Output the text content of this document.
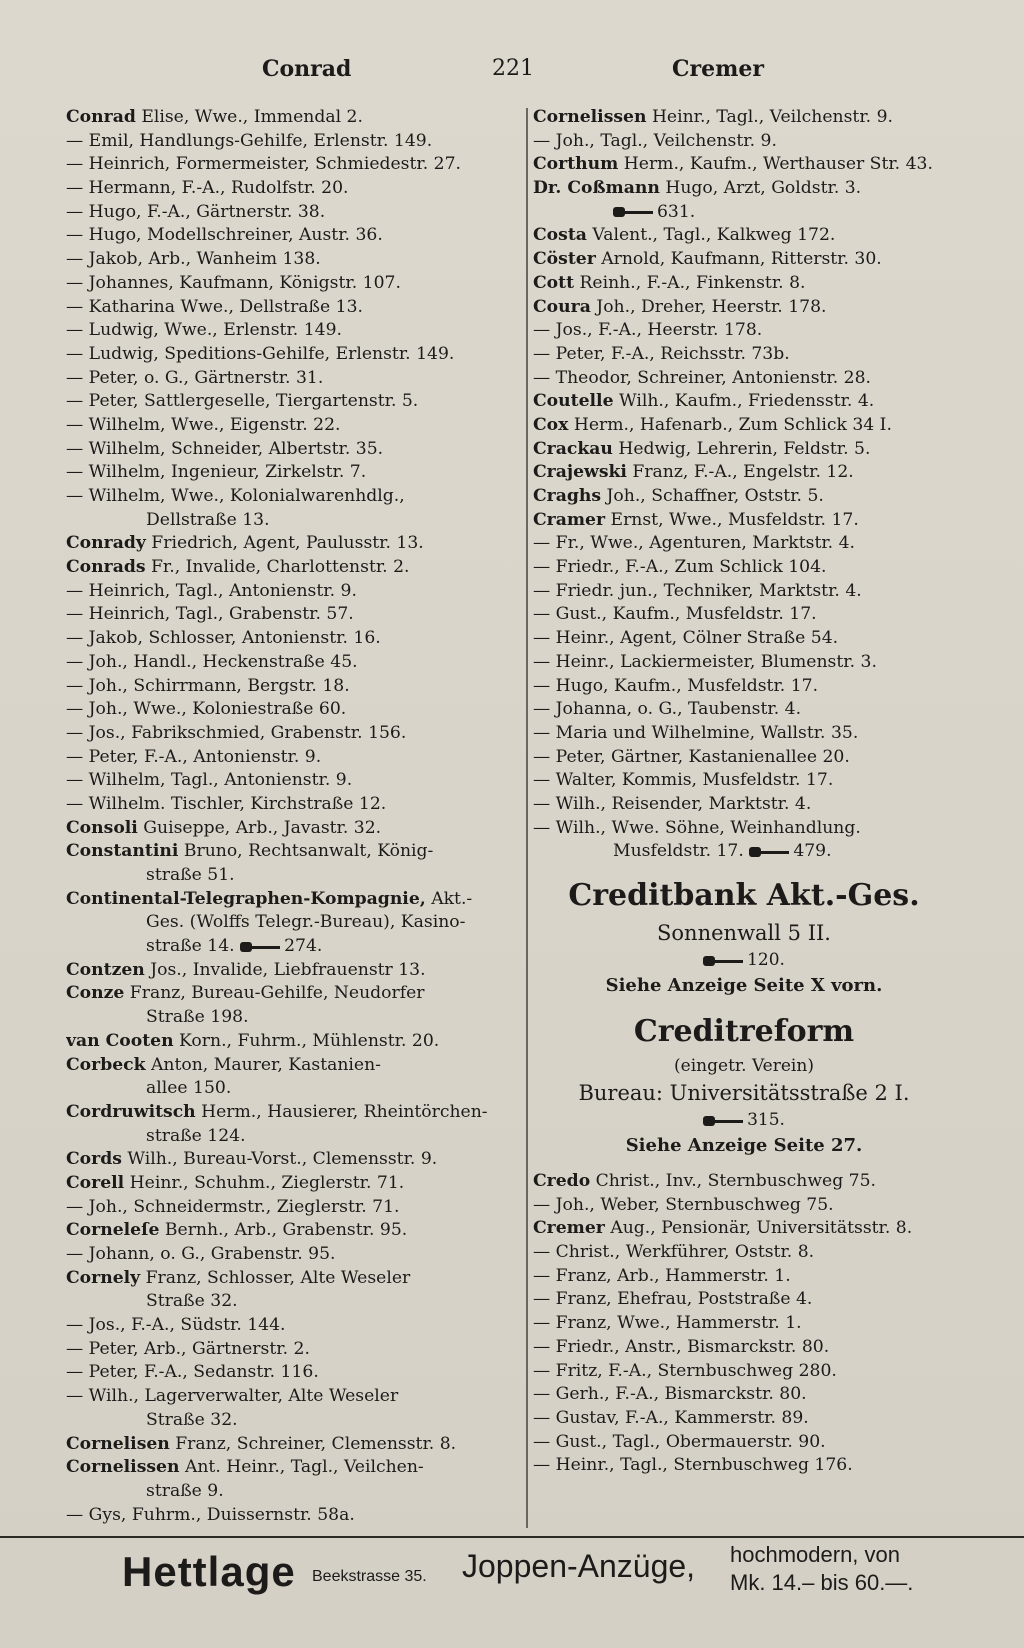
Conrad	221	Cremer
Conrad Elise, Wwe., Immendal 2.
— Emil, Handlungs-Gehilfe, Erlenstr. 149.
— Heinrich, Formermeister, Schmiedestr. 27.
— Hermann, F.-A., Rudolfstr. 20.
— Hugo, F.-A., Gärtnerstr. 38.
— Hugo, Modellschreiner, Austr. 36.
— Jakob, Arb., Wanheim 138.
— Johannes, Kaufmann, Königstr. 107.
— Katharina Wwe., Dellstraße 13.
— Ludwig, Wwe., Erlenstr. 149.
— Ludwig, Speditions-Gehilfe, Erlenstr. 149.
— Peter, o. G., Gärtnerstr. 31.
— Peter, Sattlergeselle, Tiergartenstr. 5.
— Wilhelm, Wwe., Eigenstr. 22.
— Wilhelm, Schneider, Albertstr. 35.
— Wilhelm, Ingenieur, Zirkelstr. 7.
— Wilhelm, Wwe., Kolonialwarenhdlg.,
Dellstraße 13.
Conrady Friedrich, Agent, Paulusstr. 13.
Conrads Fr., Invalide, Charlottenstr. 2.
— Heinrich, Tagl., Antonienstr. 9.
— Heinrich, Tagl., Grabenstr. 57.
— Jakob, Schlosser, Antonienstr. 16.
— Joh., Handl., Heckenstraße 45.
— Joh., Schirrmann, Bergstr. 18.
— Joh., Wwe., Koloniestraße 60.
— Jos., Fabrikschmied, Grabenstr. 156.
— Peter, F.-A., Antonienstr. 9.
— Wilhelm, Tagl., Antonienstr. 9.
— Wilhelm. Tischler, Kirchstraße 12.
Consoli Guiseppe, Arb., Javastr. 32.
Constantini Bruno, Rechtsanwalt, König-
straße 51.
Continental-Telegraphen-Kompagnie, Akt.-
Ges. (Wolffs Telegr.-Bureau), Kasino-
straße 14.	274.
Contzen Jos., Invalide, Liebfrauenstr 13.
Conze Franz, Bureau-Gehilfe, Neudorfer
Straße 198.
van Cooten Korn., Fuhrm., Mühlenstr. 20.
Corbeck Anton, Maurer, Kastanien-
allee 150.
Cordruwitsch Herm., Hausierer, Rheintörchen-
straße 124.
Cords Wilh., Bureau-Vorst., Clemensstr. 9.
Corell Heinr., Schuhm., Zieglerstr. 71.
— Joh., Schneidermstr., Zieglerstr. 71.
Corneleſe Bernh., Arb., Grabenstr. 95.
— Johann, o. G., Grabenstr. 95.
Cornely Franz, Schlosser, Alte Weseler
Straße 32.
— Jos., F.-A., Südstr. 144.
— Peter, Arb., Gärtnerstr. 2.
— Peter, F.-A., Sedanstr. 116.
— Wilh., Lagerverwalter, Alte Weseler
Straße 32.
Cornelisen Franz, Schreiner, Clemensstr. 8.
Cornelissen Ant. Heinr., Tagl., Veilchen-
straße 9.
— Gys, Fuhrm., Duissernstr. 58a.
Cornelissen Heinr., Tagl., Veilchenstr. 9.
— Joh., Tagl., Veilchenstr. 9.
Corthum Herm., Kaufm., Werthauser Str. 43.
Dr. Coßmann Hugo, Arzt, Goldstr. 3.
631.
Costa Valent., Tagl., Kalkweg 172.
Cöster Arnold, Kaufmann, Ritterstr. 30.
Cott Reinh., F.-A., Finkenstr. 8.
Coura Joh., Dreher, Heerstr. 178.
— Jos., F.-A., Heerstr. 178.
— Peter, F.-A., Reichsstr. 73b.
— Theodor, Schreiner, Antonienstr. 28.
Coutelle Wilh., Kaufm., Friedensstr. 4.
Cox Herm., Hafenarb., Zum Schlick 34 I.
Crackau Hedwig, Lehrerin, Feldstr. 5.
Crajewski Franz, F.-A., Engelstr. 12.
Craghs Joh., Schaffner, Oststr. 5.
Cramer Ernst, Wwe., Musfeldstr. 17.
— Fr., Wwe., Agenturen, Marktstr. 4.
— Friedr., F.-A., Zum Schlick 104.
— Friedr. jun., Techniker, Marktstr. 4.
— Gust., Kaufm., Musfeldstr. 17.
— Heinr., Agent, Cölner Straße 54.
— Heinr., Lackiermeister, Blumenstr. 3.
— Hugo, Kaufm., Musfeldstr. 17.
— Johanna, o. G., Taubenstr. 4.
— Maria und Wilhelmine, Wallstr. 35.
— Peter, Gärtner, Kastanienallee 20.
— Walter, Kommis, Musfeldstr. 17.
— Wilh., Reisender, Marktstr. 4.
— Wilh., Wwe. Söhne, Weinhandlung.
Musfeldstr. 17.	479.
Creditbank Akt.-Ges.
Sonnenwall 5 II.
120.
Siehe Anzeige Seite X vorn.
Creditreform
(eingetr. Verein)
Bureau: Universitätsstraße 2 I.
315.
Siehe Anzeige Seite 27.
Credo Christ., Inv., Sternbuschweg 75.
— Joh., Weber, Sternbuschweg 75.
Cremer Aug., Pensionär, Universitätsstr. 8.
— Christ., Werkführer, Oststr. 8.
— Franz, Arb., Hammerstr. 1.
— Franz, Ehefrau, Poststraße 4.
— Franz, Wwe., Hammerstr. 1.
— Friedr., Anstr., Bismarckstr. 80.
— Fritz, F.-A., Sternbuschweg 280.
— Gerh., F.-A., Bismarckstr. 80.
— Gustav, F.-A., Kammerstr. 89.
— Gust., Tagl., Obermauerstr. 90.
— Heinr., Tagl., Sternbuschweg 176.
Hettlage Beekstrasse 35. Joppen-Anzüge, hochmodern, von
Mk. 14.– bis 60.—.
